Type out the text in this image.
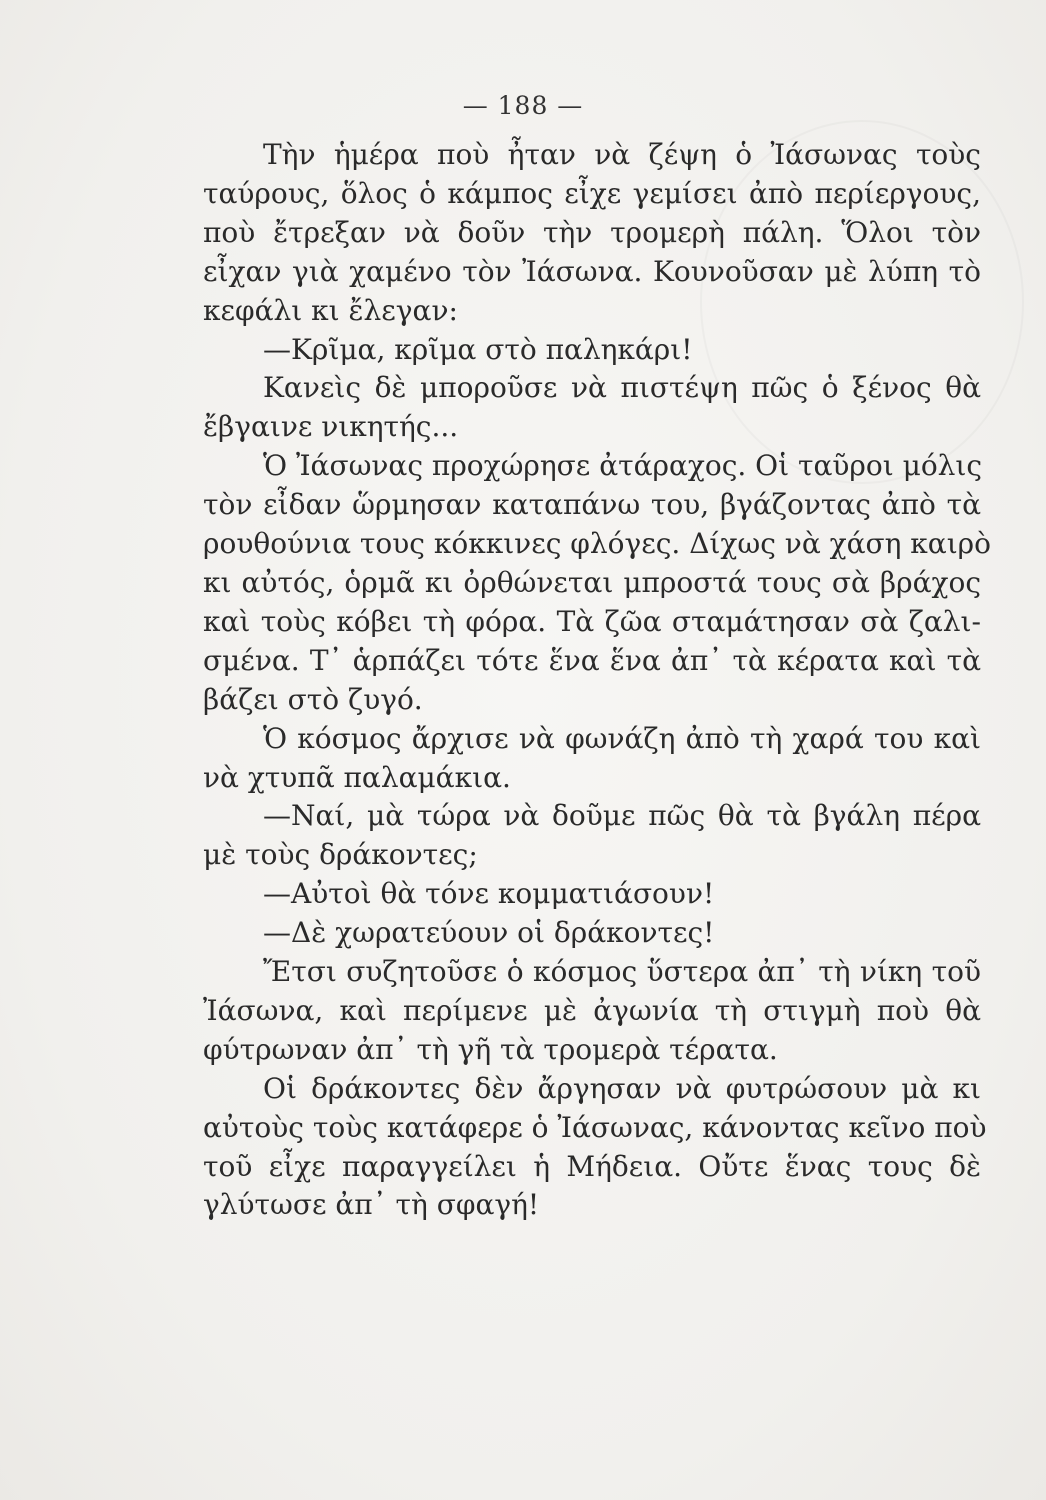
— 188 —

Τὴν ἡμέρα ποὺ ἦταν νὰ ζέψη ὁ Ἰάσωνας τοὺς
ταύρους, ὅλος ὁ κάμπος εἶχε γεμίσει ἀπὸ περίεργους,
ποὺ ἔτρεξαν νὰ δοῦν τὴν τρομερὴ πάλη. Ὅλοι τὸν
εἶχαν γιὰ χαμένο τὸν Ἰάσωνα. Κουνοῦσαν μὲ λύπη τὸ
κεφάλι κι ἔλεγαν:

—Κρῖμα, κρῖμα στὸ παληκάρι!

Κανεὶς δὲ μποροῦσε νὰ πιστέψη πῶς ὁ ξένος θὰ
ἔβγαινε νικητής...

Ὁ Ἰάσωνας προχώρησε ἀτάραχος. Οἱ ταῦροι μόλις
τὸν εἶδαν ὥρμησαν καταπάνω του, βγάζοντας ἀπὸ τὰ
ρουθούνια τους κόκκινες φλόγες. Δίχως νὰ χάση καιρὸ
κι αὐτός, ὁρμᾶ κι ὀρθώνεται μπροστά τους σὰ βράχος
καὶ τοὺς κόβει τὴ φόρα. Τὰ ζῶα σταμάτησαν σὰ ζαλι-
σμένα. Τ᾽ ἁρπάζει τότε ἕνα ἕνα ἀπ᾽ τὰ κέρατα καὶ τὰ
βάζει στὸ ζυγό.

Ὁ κόσμος ἄρχισε νὰ φωνάζη ἀπὸ τὴ χαρά του καὶ
νὰ χτυπᾶ παλαμάκια.

—Ναί, μὰ τώρα νὰ δοῦμε πῶς θὰ τὰ βγάλη πέρα
μὲ τοὺς δράκοντες;

—Αὐτοὶ θὰ τόνε κομματιάσουν!

—Δὲ χωρατεύουν οἱ δράκοντες!

Ἔτσι συζητοῦσε ὁ κόσμος ὕστερα ἀπ᾽ τὴ νίκη τοῦ
Ἰάσωνα, καὶ περίμενε μὲ ἀγωνία τὴ στιγμὴ ποὺ θὰ
φύτρωναν ἀπ᾽ τὴ γῆ τὰ τρομερὰ τέρατα.

Οἱ δράκοντες δὲν ἄργησαν νὰ φυτρώσουν μὰ κι
αὐτοὺς τοὺς κατάφερε ὁ Ἰάσωνας, κάνοντας κεῖνο ποὺ
τοῦ εἶχε παραγγείλει ἡ Μήδεια. Οὔτε ἕνας τους δὲ
γλύτωσε ἀπ᾽ τὴ σφαγή!
